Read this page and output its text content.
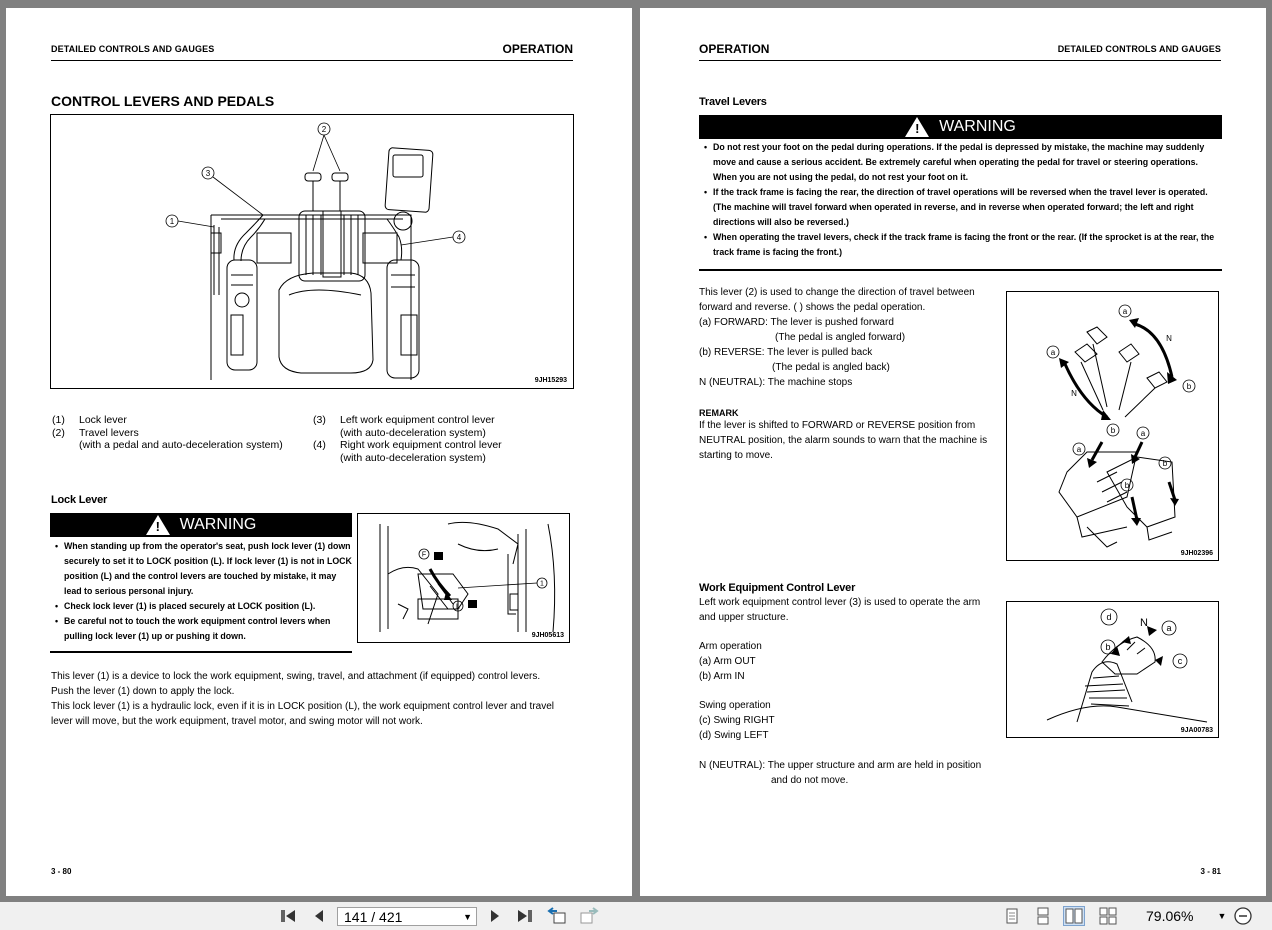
DETAILED CONTROLS AND GAUGES	OPERATION
CONTROL LEVERS AND PEDALS
1
2
3
4
9JH15293
(1) Lock lever
(2) Travel levers
(with a pedal and auto-deceleration system)
(3) Left work equipment control lever
(with auto-deceleration system)
(4) Right work equipment control lever
(with auto-deceleration system)
Lock Lever
!
WARNING
• When standing up from the operator's seat, push lock lever (1) down securely to set it to LOCK position (L). If lock lever (1) is not in LOCK position (L) and the control levers are touched by mistake, it may lead to serious personal injury.
• Check lock lever (1) is placed securely at LOCK position (L).
• Be careful not to touch the work equipment control levers when pulling lock lever (1) up or pushing it down.
F
1
L
9JH05613
This lever (1) is a device to lock the work equipment, swing, travel, and attachment (if equipped) control levers.
Push the lever (1) down to apply the lock.
This lock lever (1) is a hydraulic lock, even if it is in LOCK position (L), the work equipment control lever and travel
lever will move, but the work equipment, travel motor, and swing motor will not work.
3 - 80
OPERATION	DETAILED CONTROLS AND GAUGES
Travel Levers
!
WARNING
• Do not rest your foot on the pedal during operations. If the pedal is depressed by mistake, the machine may suddenly move and cause a serious accident. Be extremely careful when operating the pedal for travel or steering operations. When you are not using the pedal, do not rest your foot on it.
• If the track frame is facing the rear, the direction of travel operations will be reversed when the travel lever is operated. (The machine will travel forward when operated in reverse, and in reverse when operated forward; the left and right directions will also be reversed.)
• When operating the travel levers, check if the track frame is facing the front or the rear. (If the sprocket is at the rear, the track frame is facing the front.)
This lever (2) is used to change the direction of travel between
forward and reverse. ( ) shows the pedal operation.
(a) FORWARD: The lever is pushed forward
(The pedal is angled forward)
(b) REVERSE: The lever is pulled back
(The pedal is angled back)
N (NEUTRAL): The machine stops
REMARK
If the lever is shifted to FORWARD or REVERSE position from
NEUTRAL position, the alarm sounds to warn that the machine is
starting to move.
a
N
b
a
N
b	a
b
a
b
9JH02396
Work Equipment Control Lever
Left work equipment control lever (3) is used to operate the arm
and upper structure.
Arm operation
(a) Arm OUT
(b) Arm IN
Swing operation
(c) Swing RIGHT
(d) Swing LEFT
N (NEUTRAL): The upper structure and arm are held in position
and do not move.
d	N a
b
c
9JA00783
3 - 81
141 / 421	▼	79.06%	▼
